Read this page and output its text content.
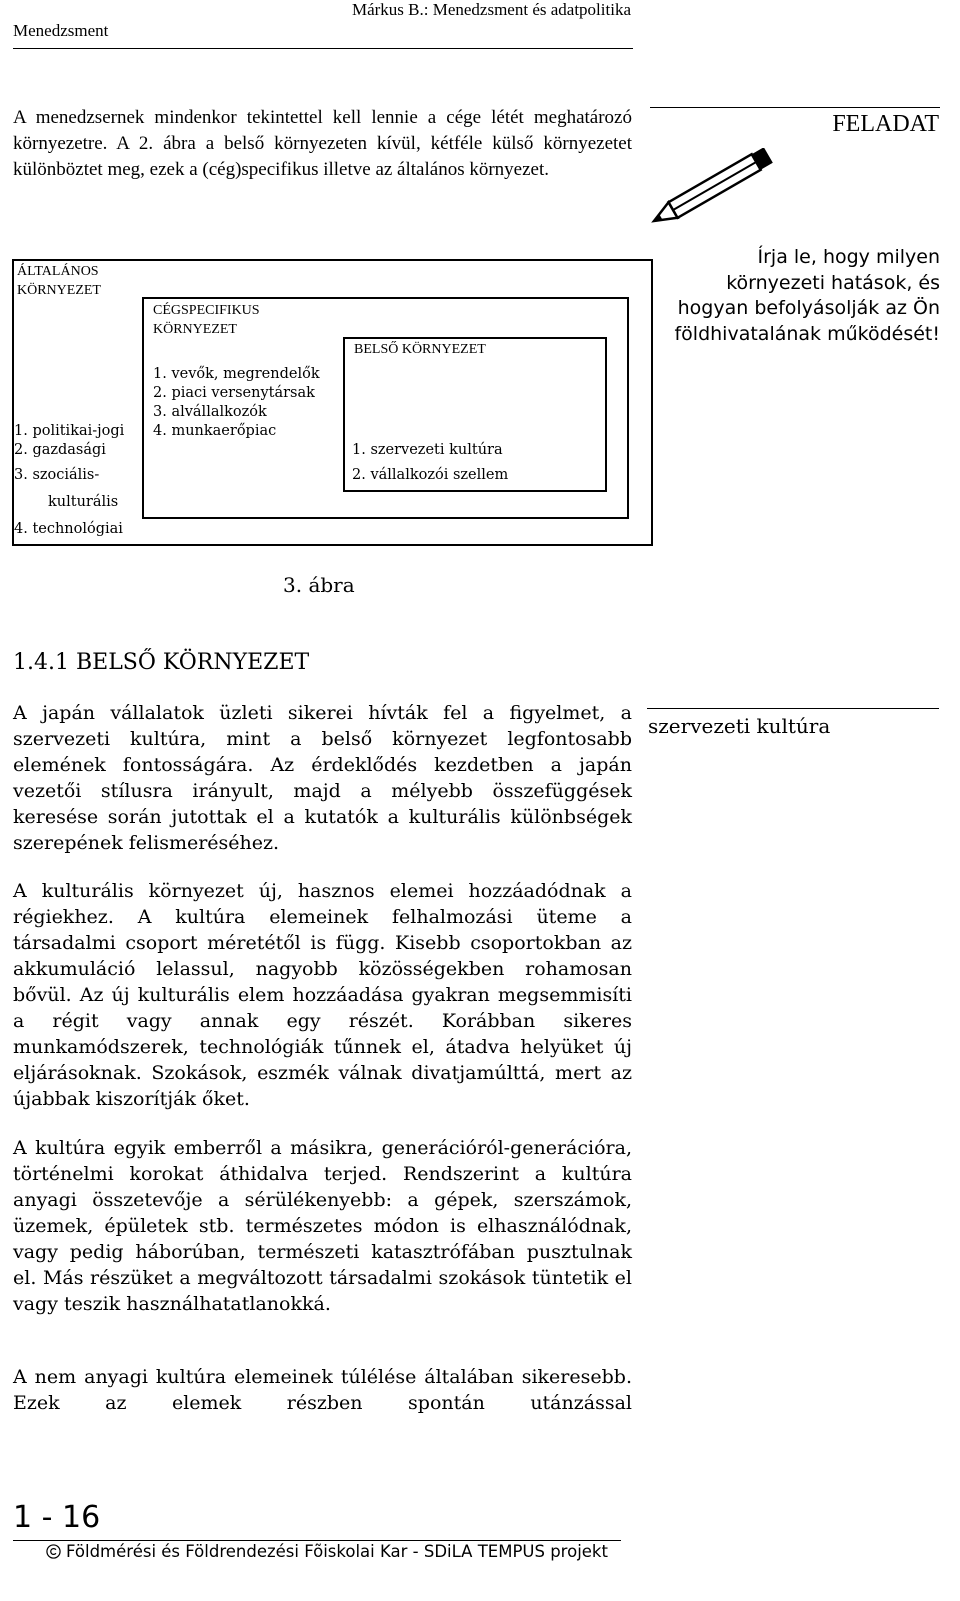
Menedzsment
Márkus B.: Menedzsment és adatpolitika
A menedzsernek mindenkor tekintettel kell lennie a cége létét meghatározó környezetre. A 2. ábra a belső környezeten kívül, kétféle külső környezetet különböztet meg, ezek a (cég)specifikus illetve az általános környezet.
FELADAT
Írja le, hogy milyen környezeti hatások, és hogyan befolyásolják az Ön földhivatalának működését!
ÁLTALÁNOS
KÖRNYEZET
1. politikai-jogi
2. gazdasági
3. szociális-
kulturális
4. technológiai
CÉGSPECIFIKUS
KÖRNYEZET
1. vevők, megrendelők
2. piaci versenytársak
3. alvállalkozók
4. munkaerőpiac
BELSŐ KÖRNYEZET
1. szervezeti kultúra
2. vállalkozói szellem
3. ábra
1.4.1 BELSŐ KÖRNYEZET
szervezeti kultúra
A japán vállalatok üzleti sikerei hívták fel a figyelmet, a szervezeti kultúra, mint a belső környezet legfontosabb elemének fontosságára. Az érdeklődés kezdetben a japán vezetői stílusra irányult, majd a mélyebb összefüggések keresése során jutottak el a kutatók a kulturális különbségek szerepének felismeréséhez.
A kulturális környezet új, hasznos elemei hozzáadódnak a régiekhez. A kultúra elemeinek felhalmozási üteme a társadalmi csoport méretétől is függ. Kisebb csoportokban az akkumuláció lelassul, nagyobb közösségekben rohamosan bővül. Az új kulturális elem hozzáadása gyakran megsemmisíti a régit vagy annak egy részét. Korábban sikeres munkamódszerek, technológiák tűnnek el, átadva helyüket új eljárásoknak. Szokások, eszmék válnak divatjamúlttá, mert az újabbak kiszorítják őket.
A kultúra egyik emberről a másikra, generációról-generációra, történelmi korokat áthidalva terjed. Rendszerint a kultúra anyagi összetevője a sérülékenyebb: a gépek, szerszámok, üzemek, épületek stb. természetes módon is elhasználódnak, vagy pedig háborúban, természeti katasztrófában pusztulnak el. Más részüket a megváltozott társadalmi szokások tüntetik el vagy teszik használhatatlanokká.
A nem anyagi kultúra elemeinek túlélése általában sikeresebb. Ezek az elemek részben spontán utánzással
1 - 16
Földmérési és Földrendezési Fõiskolai Kar - SDiLA TEMPUS projekt
